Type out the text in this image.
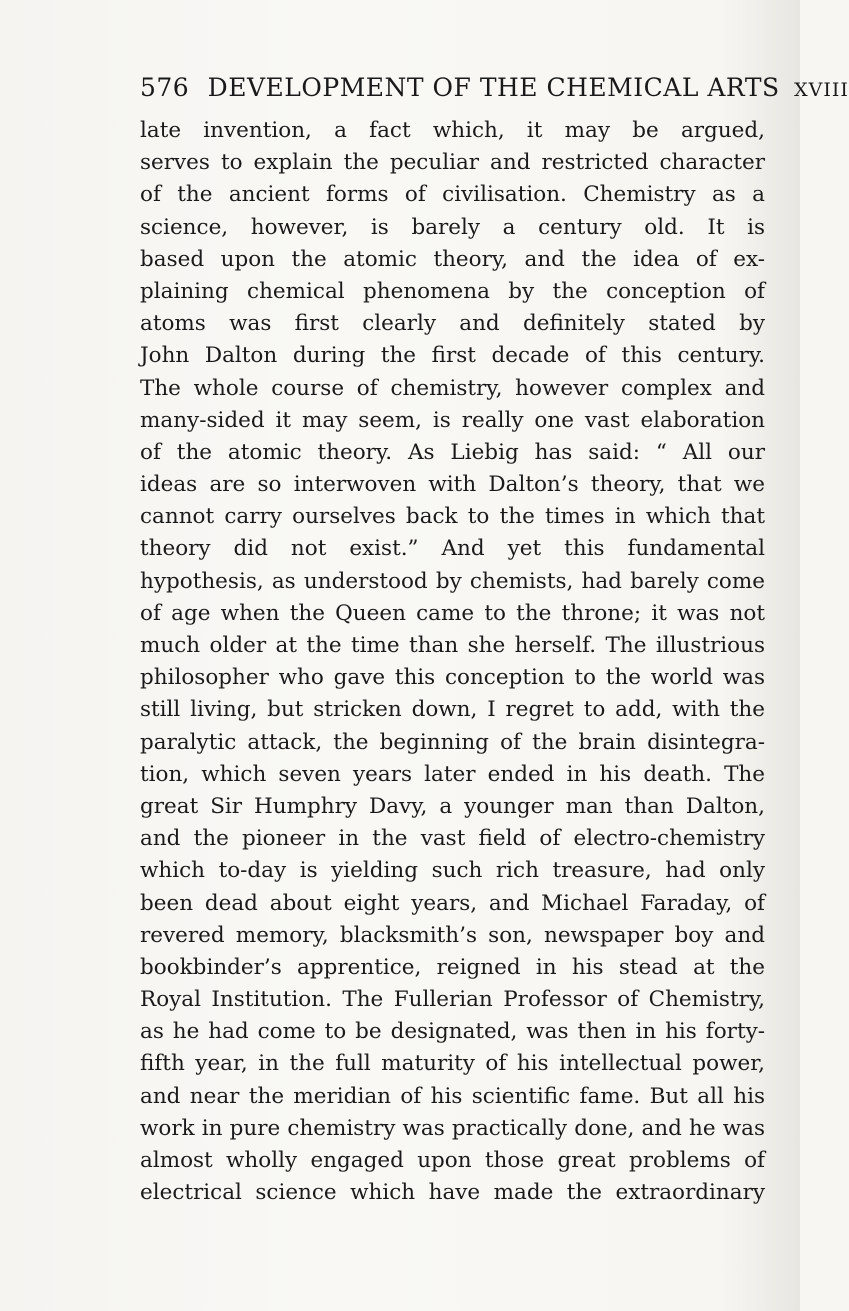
576 DEVELOPMENT OF THE CHEMICAL ARTS XVIII
late invention, a fact which, it may be argued,
serves to explain the peculiar and restricted character
of the ancient forms of civilisation. Chemistry as a
science, however, is barely a century old. It is
based upon the atomic theory, and the idea of ex-
plaining chemical phenomena by the conception of
atoms was first clearly and definitely stated by
John Dalton during the first decade of this century.
The whole course of chemistry, however complex and
many-sided it may seem, is really one vast elaboration
of the atomic theory. As Liebig has said: “ All our
ideas are so interwoven with Dalton’s theory, that we
cannot carry ourselves back to the times in which that
theory did not exist.” And yet this fundamental
hypothesis, as understood by chemists, had barely come
of age when the Queen came to the throne; it was not
much older at the time than she herself. The illustrious
philosopher who gave this conception to the world was
still living, but stricken down, I regret to add, with the
paralytic attack, the beginning of the brain disintegra-
tion, which seven years later ended in his death. The
great Sir Humphry Davy, a younger man than Dalton,
and the pioneer in the vast field of electro-chemistry
which to-day is yielding such rich treasure, had only
been dead about eight years, and Michael Faraday, of
revered memory, blacksmith’s son, newspaper boy and
bookbinder’s apprentice, reigned in his stead at the
Royal Institution. The Fullerian Professor of Chemistry,
as he had come to be designated, was then in his forty-
fifth year, in the full maturity of his intellectual power,
and near the meridian of his scientific fame. But all his
work in pure chemistry was practically done, and he was
almost wholly engaged upon those great problems of
electrical science which have made the extraordinary
